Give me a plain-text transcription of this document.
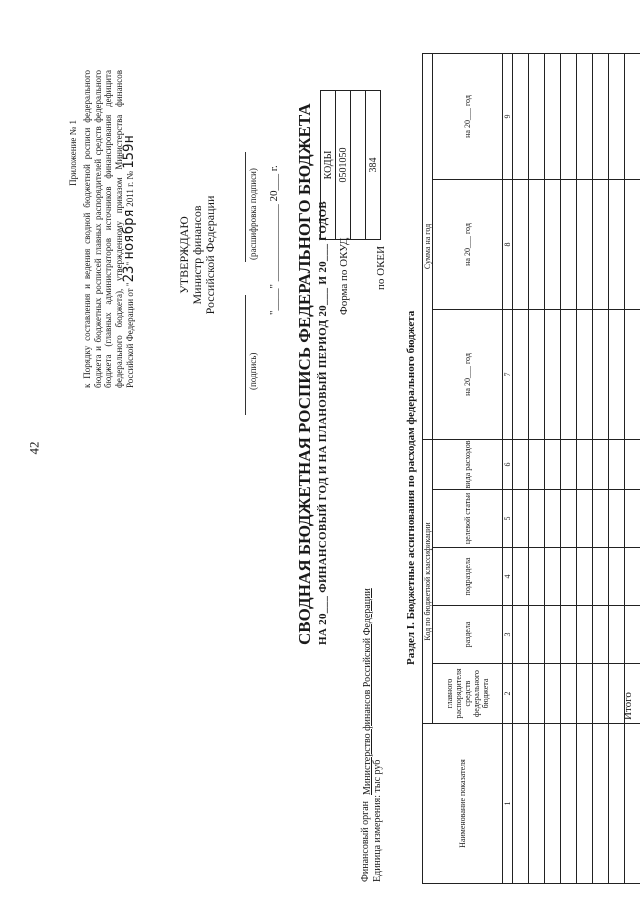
42
Приложение № 1 к Порядку составления и ведения сводной бюджетной росписи федерального бюджета и бюджетных росписей главных распорядителей средств федерального бюджета (главных администраторов источников финансирования дефицита федерального бюджета), утвержденному приказом Министерства финансов Российской Федерации от "23" ноября 2011 г. № 159н
УТВЕРЖДАЮ Министр финансов Российской Федерации
(подпись)
(расшифровка подписи) "____" ______________ 20___ г. СВОДНАЯ БЮДЖЕТНАЯ РОСПИСЬ ФЕДЕРАЛЬНОГО БЮДЖЕТА НА 20___ ФИНАНСОВЫЙ ГОД И НА ПЛАНОВЫЙ ПЕРИОД 20___ И 20___ ГОДОВ
КОДЫ
0501050

384
Форма по ОКУД по ОКЕИ
Финансовый орган
Министерство финансов Российской Федерации
Единица измерения: тыс руб
Раздел I. Бюджетные ассигнования по расходам федерального бюджета
Наименование показателя	Код по бюджетной классификации					Сумма на год		
	главного распорядителя средств федерального бюджета	раздела	подраздела	целевой статьи	вида расходов	на 20___ год	на 20___ год	на 20___ год
1	2	3	4	5	6	7	8	9

Итого
